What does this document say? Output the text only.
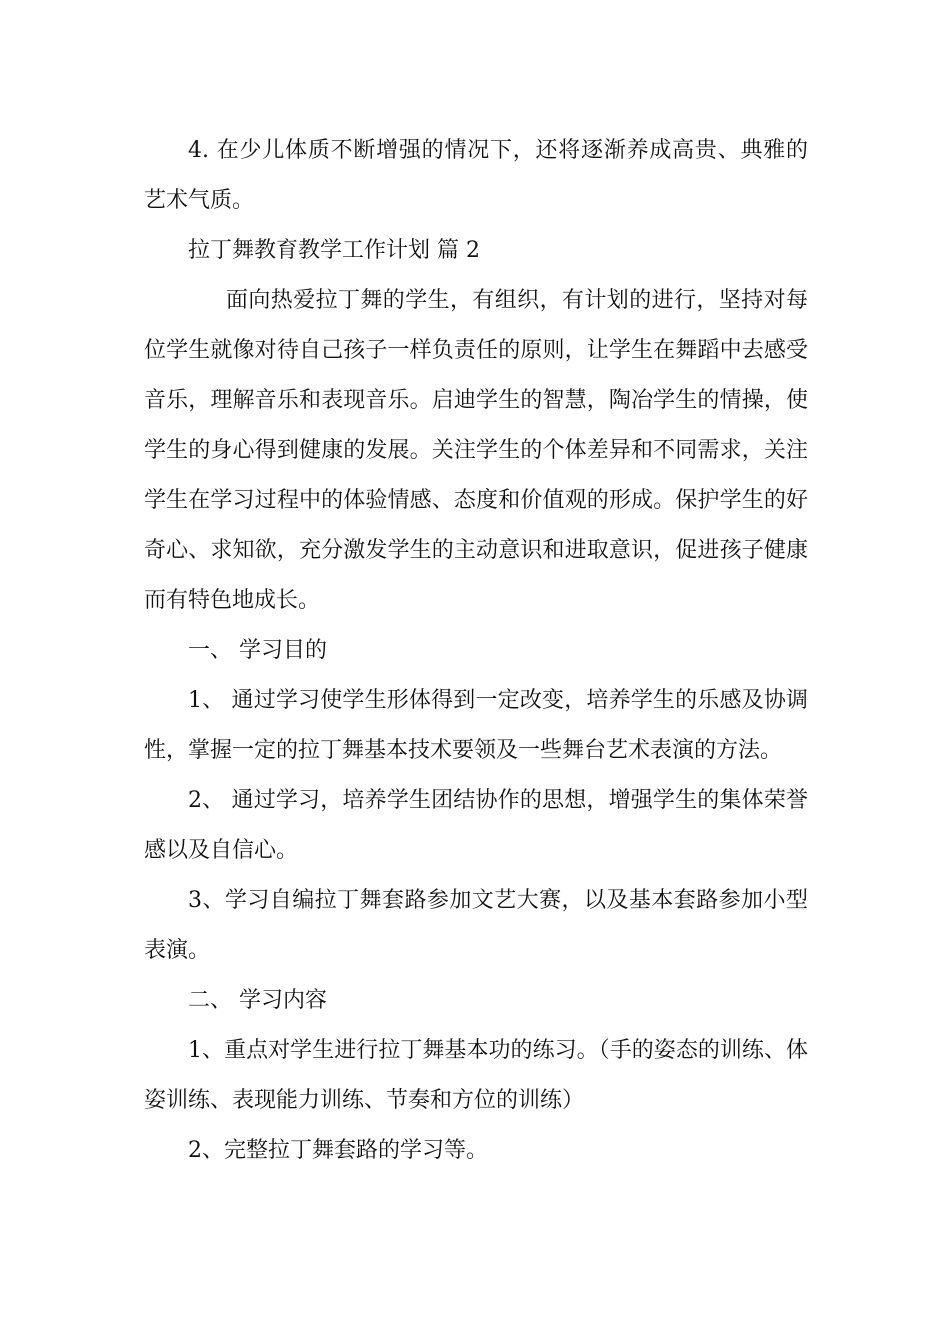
4. 在少儿体质不断增强的情况下，还将逐渐养成高贵、典雅的艺术气质。

拉丁舞教育教学工作计划 篇 2

面向热爱拉丁舞的学生，有组织，有计划的进行，坚持对每位学生就像对待自己孩子一样负责任的原则，让学生在舞蹈中去感受音乐，理解音乐和表现音乐。启迪学生的智慧，陶冶学生的情操，使学生的身心得到健康的发展。关注学生的个体差异和不同需求，关注学生在学习过程中的体验情感、态度和价值观的形成。保护学生的好奇心、求知欲，充分激发学生的主动意识和进取意识，促进孩子健康而有特色地成长。

一、 学习目的

1、 通过学习使学生形体得到一定改变，培养学生的乐感及协调性，掌握一定的拉丁舞基本技术要领及一些舞台艺术表演的方法。

2、 通过学习，培养学生团结协作的思想，增强学生的集体荣誉感以及自信心。

3、学习自编拉丁舞套路参加文艺大赛，以及基本套路参加小型表演。

二、 学习内容

1、重点对学生进行拉丁舞基本功的练习。（手的姿态的训练、体姿训练、表现能力训练、节奏和方位的训练）

2、完整拉丁舞套路的学习等。
